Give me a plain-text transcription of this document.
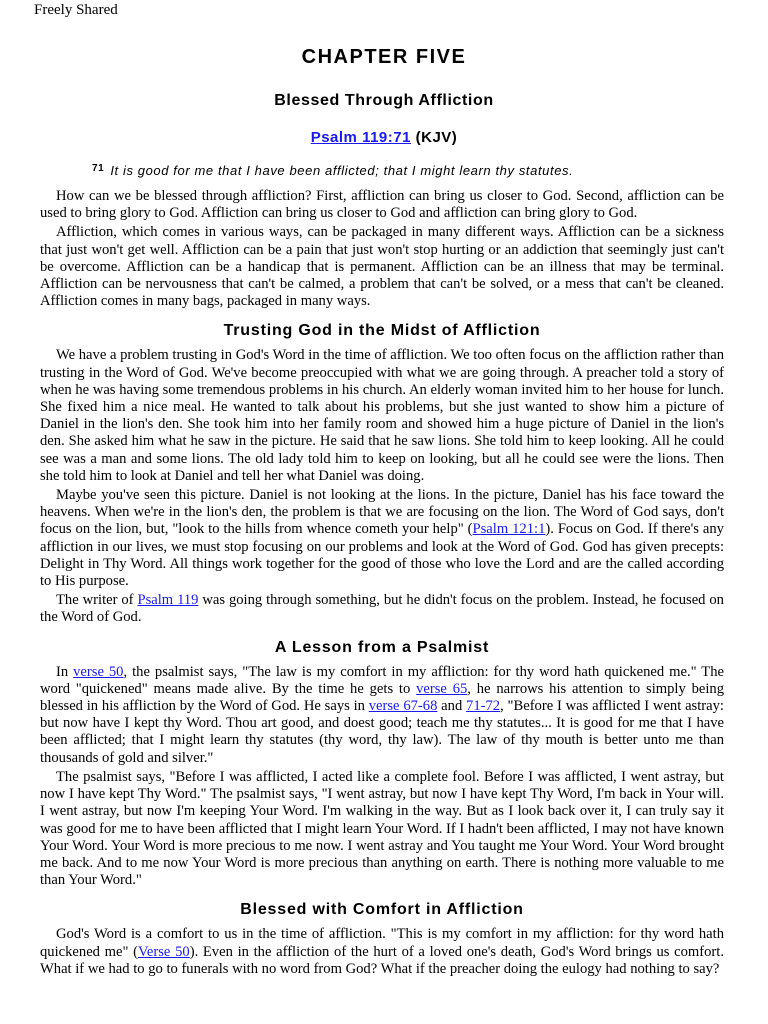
Freely Shared
CHAPTER FIVE
Blessed Through Affliction
Psalm 119:71 (KJV)
$^{71}$ It is good for me that I have been afflicted; that I might learn thy statutes.

How can we be blessed through affliction? First, affliction can bring us closer to God. Second, affliction can be used to bring glory to God. Affliction can bring us closer to God and affliction can bring glory to God.

Affliction, which comes in various ways, can be packaged in many different ways. Affliction can be a sickness that just won't get well. Affliction can be a pain that just won't stop hurting or an addiction that seemingly just can't be overcome. Affliction can be a handicap that is permanent. Affliction can be an illness that may be terminal. Affliction can be nervousness that can't be calmed, a problem that can't be solved, or a mess that can't be cleaned. Affliction comes in many bags, packaged in many ways.

Trusting God in the Midst of Affliction

We have a problem trusting in God's Word in the time of affliction. We too often focus on the affliction rather than trusting in the Word of God. We've become preoccupied with what we are going through. A preacher told a story of when he was having some tremendous problems in his church. An elderly woman invited him to her house for lunch. She fixed him a nice meal. He wanted to talk about his problems, but she just wanted to show him a picture of Daniel in the lion's den. She took him into her family room and showed him a huge picture of Daniel in the lion's den. She asked him what he saw in the picture. He said that he saw lions. She told him to keep looking. All he could see was a man and some lions. The old lady told him to keep on looking, but all he could see were the lions. Then she told him to look at Daniel and tell her what Daniel was doing.

Maybe you've seen this picture. Daniel is not looking at the lions. In the picture, Daniel has his face toward the heavens. When we're in the lion's den, the problem is that we are focusing on the lion. The Word of God says, don't focus on the lion, but, "look to the hills from whence cometh your help" (Psalm 121:1). Focus on God. If there's any affliction in our lives, we must stop focusing on our problems and look at the Word of God. God has given precepts: Delight in Thy Word. All things work together for the good of those who love the Lord and are the called according to His purpose.

The writer of Psalm 119 was going through something, but he didn't focus on the problem. Instead, he focused on the Word of God.

A Lesson from a Psalmist

In verse 50, the psalmist says, "The law is my comfort in my affliction: for thy word hath quickened me." The word "quickened" means made alive. By the time he gets to verse 65, he narrows his attention to simply being blessed in his affliction by the Word of God. He says in verse 67-68 and 71-72, "Before I was afflicted I went astray: but now have I kept thy Word. Thou art good, and doest good; teach me thy statutes... It is good for me that I have been afflicted; that I might learn thy statutes (thy word, thy law). The law of thy mouth is better unto me than thousands of gold and silver."

The psalmist says, "Before I was afflicted, I acted like a complete fool. Before I was afflicted, I went astray, but now I have kept Thy Word." The psalmist says, "I went astray, but now I have kept Thy Word, I'm back in Your will. I went astray, but now I'm keeping Your Word. I'm walking in the way. But as I look back over it, I can truly say it was good for me to have been afflicted that I might learn Your Word. If I hadn't been afflicted, I may not have known Your Word. Your Word is more precious to me now. I went astray and You taught me Your Word. Your Word brought me back. And to me now Your Word is more precious than anything on earth. There is nothing more valuable to me than Your Word."

Blessed with Comfort in Affliction

God's Word is a comfort to us in the time of affliction. "This is my comfort in my affliction: for thy word hath quickened me" (Verse 50). Even in the affliction of the hurt of a loved one's death, God's Word brings us comfort. What if we had to go to funerals with no word from God? What if the preacher doing the eulogy had nothing to say?
